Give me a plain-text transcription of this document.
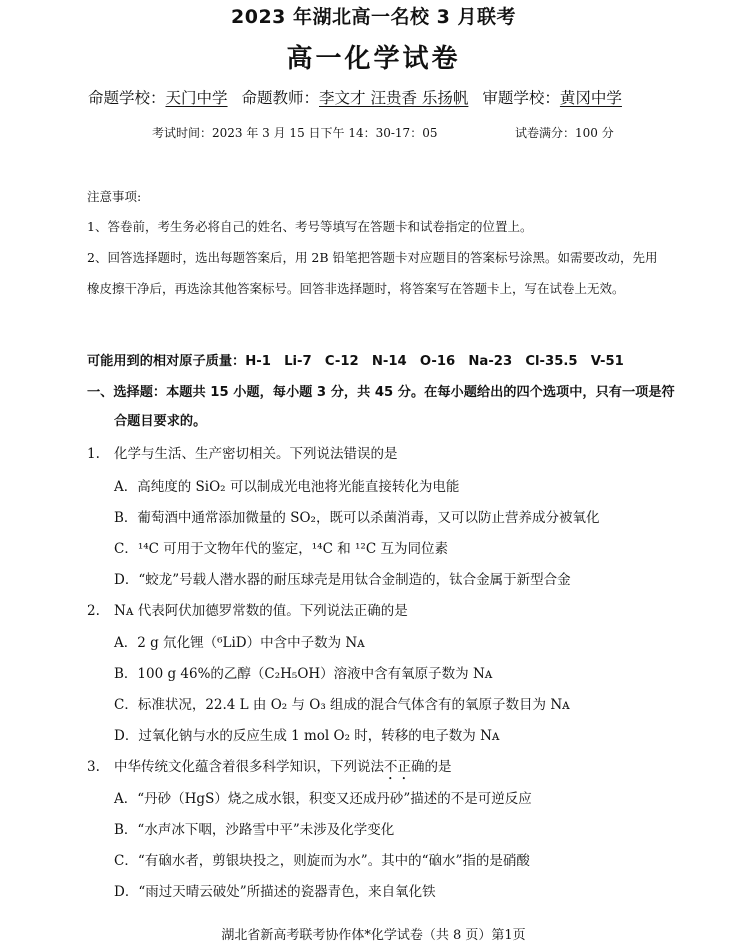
2023 年湖北高一名校 3 月联考
高一化学试卷
命题学校：天门中学 命题教师：李文才 汪贵香 乐扬帆 审题学校：黄冈中学
考试时间：2023 年 3 月 15 日下午 14：30-17：05	试卷满分：100 分
注意事项:
1、答卷前，考生务必将自己的姓名、考号等填写在答题卡和试卷指定的位置上。
2、回答选择题时，选出每题答案后，用 2B 铅笔把答题卡对应题目的答案标号涂黑。如需要改动，先用
橡皮擦干净后，再选涂其他答案标号。回答非选择题时，将答案写在答题卡上，写在试卷上无效。
可能用到的相对原子质量：H-1　Li-7　C-12　N-14　O-16　Na-23　Cl-35.5　V-51
一、选择题：本题共 15 小题，每小题 3 分，共 45 分。在每小题给出的四个选项中，只有一项是符
合题目要求的。
1. 化学与生活、生产密切相关。下列说法错误的是
A．高纯度的 SiO₂ 可以制成光电池将光能直接转化为电能
B．葡萄酒中通常添加微量的 SO₂，既可以杀菌消毒，又可以防止营养成分被氧化
C．¹⁴C 可用于文物年代的鉴定，¹⁴C 和 ¹²C 互为同位素
D．“蛟龙”号载人潜水器的耐压球壳是用钛合金制造的，钛合金属于新型合金
2. Nᴀ 代表阿伏加德罗常数的值。下列说法正确的是
A．2 g 氘化锂（⁶LiD）中含中子数为 Nᴀ
B．100 g 46%的乙醇（C₂H₅OH）溶液中含有氧原子数为 Nᴀ
C．标准状况，22.4 L 由 O₂ 与 O₃ 组成的混合气体含有的氧原子数目为 Nᴀ
D．过氧化钠与水的反应生成 1 mol O₂ 时，转移的电子数为 Nᴀ
3. 中华传统文化蕴含着很多科学知识，下列说法不正确的是
A．“丹砂（HgS）烧之成水银，积变又还成丹砂”描述的不是可逆反应
B．“水声冰下咽，沙路雪中平”未涉及化学变化
C．“有硇水者，剪银块投之，则旋而为水”。其中的“硇水”指的是硝酸
D．“雨过天晴云破处”所描述的瓷器青色，来自氧化铁
湖北省新高考联考协作体*化学试卷（共 8 页）第1页
